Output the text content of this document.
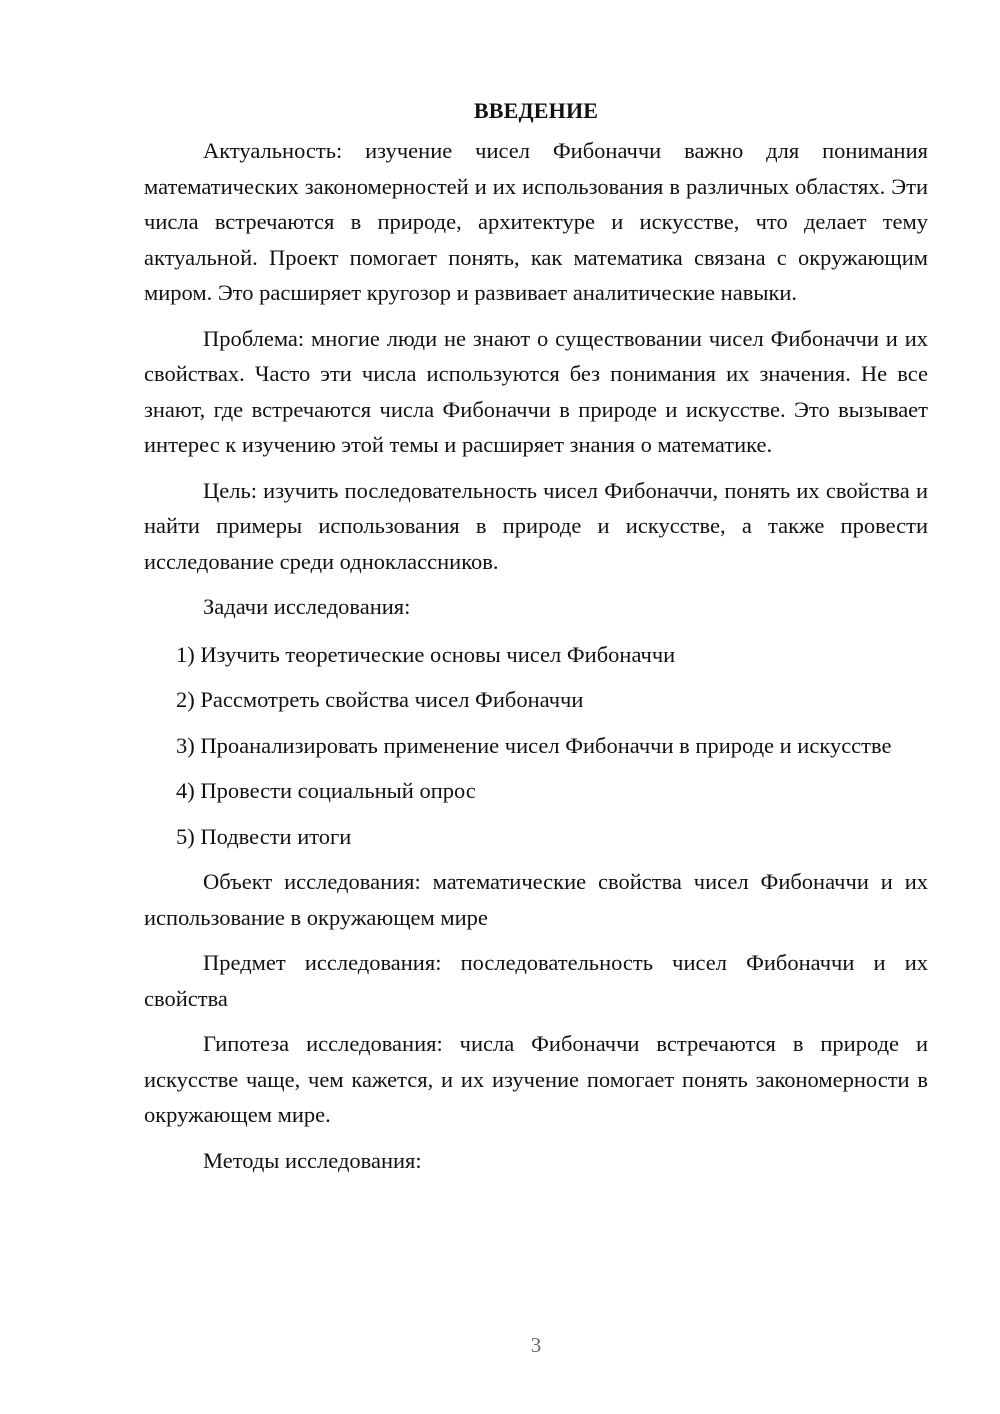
ВВЕДЕНИЕ

Актуальность: изучение чисел Фибоначчи важно для понимания математических закономерностей и их использования в различных областях. Эти числа встречаются в природе, архитектуре и искусстве, что делает тему актуальной. Проект помогает понять, как математика связана с окружающим миром. Это расширяет кругозор и развивает аналитические навыки.

Проблема: многие люди не знают о существовании чисел Фибоначчи и их свойствах. Часто эти числа используются без понимания их значения. Не все знают, где встречаются числа Фибоначчи в природе и искусстве. Это вызывает интерес к изучению этой темы и расширяет знания о математике.

Цель: изучить последовательность чисел Фибоначчи, понять их свойства и найти примеры использования в природе и искусстве, а также провести исследование среди одноклассников.

Задачи исследования:

1) Изучить теоретические основы чисел Фибоначчи

2) Рассмотреть свойства чисел Фибоначчи

3) Проанализировать применение чисел Фибоначчи в природе и искусстве

4) Провести социальный опрос

5) Подвести итоги

Объект исследования: математические свойства чисел Фибоначчи и их использование в окружающем мире

Предмет исследования: последовательность чисел Фибоначчи и их свойства

Гипотеза исследования: числа Фибоначчи встречаются в природе и искусстве чаще, чем кажется, и их изучение помогает понять закономерности в окружающем мире.

Методы исследования:

3
